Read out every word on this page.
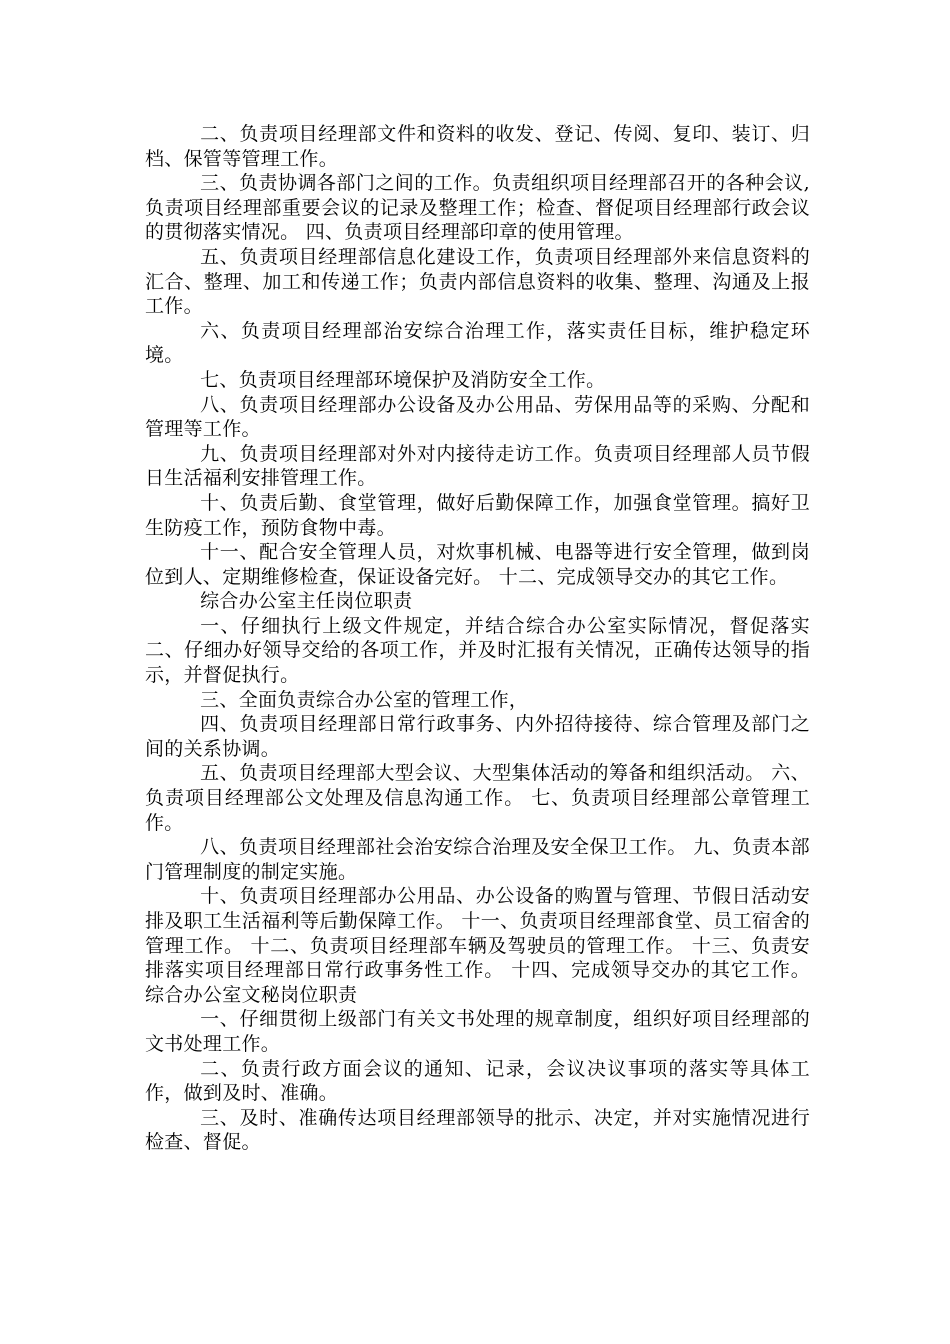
二、负责项目经理部文件和资料的收发、登记、传阅、复印、装订、归档、保管等管理工作。

三、负责协调各部门之间的工作。负责组织项目经理部召开的各种会议,负责项目经理部重要会议的记录及整理工作；检查、督促项目经理部行政会议的贯彻落实情况。 四、负责项目经理部印章的使用管理。

五、负责项目经理部信息化建设工作，负责项目经理部外来信息资料的汇合、整理、加工和传递工作；负责内部信息资料的收集、整理、沟通及上报工作。

六、负责项目经理部治安综合治理工作，落实责任目标，维护稳定环境。

七、负责项目经理部环境保护及消防安全工作。

八、负责项目经理部办公设备及办公用品、劳保用品等的采购、分配和管理等工作。

九、负责项目经理部对外对内接待走访工作。负责项目经理部人员节假日生活福利安排管理工作。

十、负责后勤、食堂管理，做好后勤保障工作，加强食堂管理。搞好卫生防疫工作，预防食物中毒。

十一、配合安全管理人员，对炊事机械、电器等进行安全管理，做到岗位到人、定期维修检查，保证设备完好。 十二、完成领导交办的其它工作。

综合办公室主任岗位职责

一、仔细执行上级文件规定，并结合综合办公室实际情况，督促落实二、仔细办好领导交给的各项工作，并及时汇报有关情况，正确传达领导的指示，并督促执行。

三、全面负责综合办公室的管理工作，

四、负责项目经理部日常行政事务、内外招待接待、综合管理及部门之间的关系协调。

五、负责项目经理部大型会议、大型集体活动的筹备和组织活动。 六、负责项目经理部公文处理及信息沟通工作。 七、负责项目经理部公章管理工作。

八、负责项目经理部社会治安综合治理及安全保卫工作。 九、负责本部门管理制度的制定实施。

十、负责项目经理部办公用品、办公设备的购置与管理、节假日活动安排及职工生活福利等后勤保障工作。 十一、负责项目经理部食堂、员工宿舍的管理工作。 十二、负责项目经理部车辆及驾驶员的管理工作。 十三、负责安排落实项目经理部日常行政事务性工作。 十四、完成领导交办的其它工作。 综合办公室文秘岗位职责

一、仔细贯彻上级部门有关文书处理的规章制度，组织好项目经理部的文书处理工作。

二、负责行政方面会议的通知、记录，会议决议事项的落实等具体工作，做到及时、准确。

三、及时、准确传达项目经理部领导的批示、决定，并对实施情况进行检查、督促。
